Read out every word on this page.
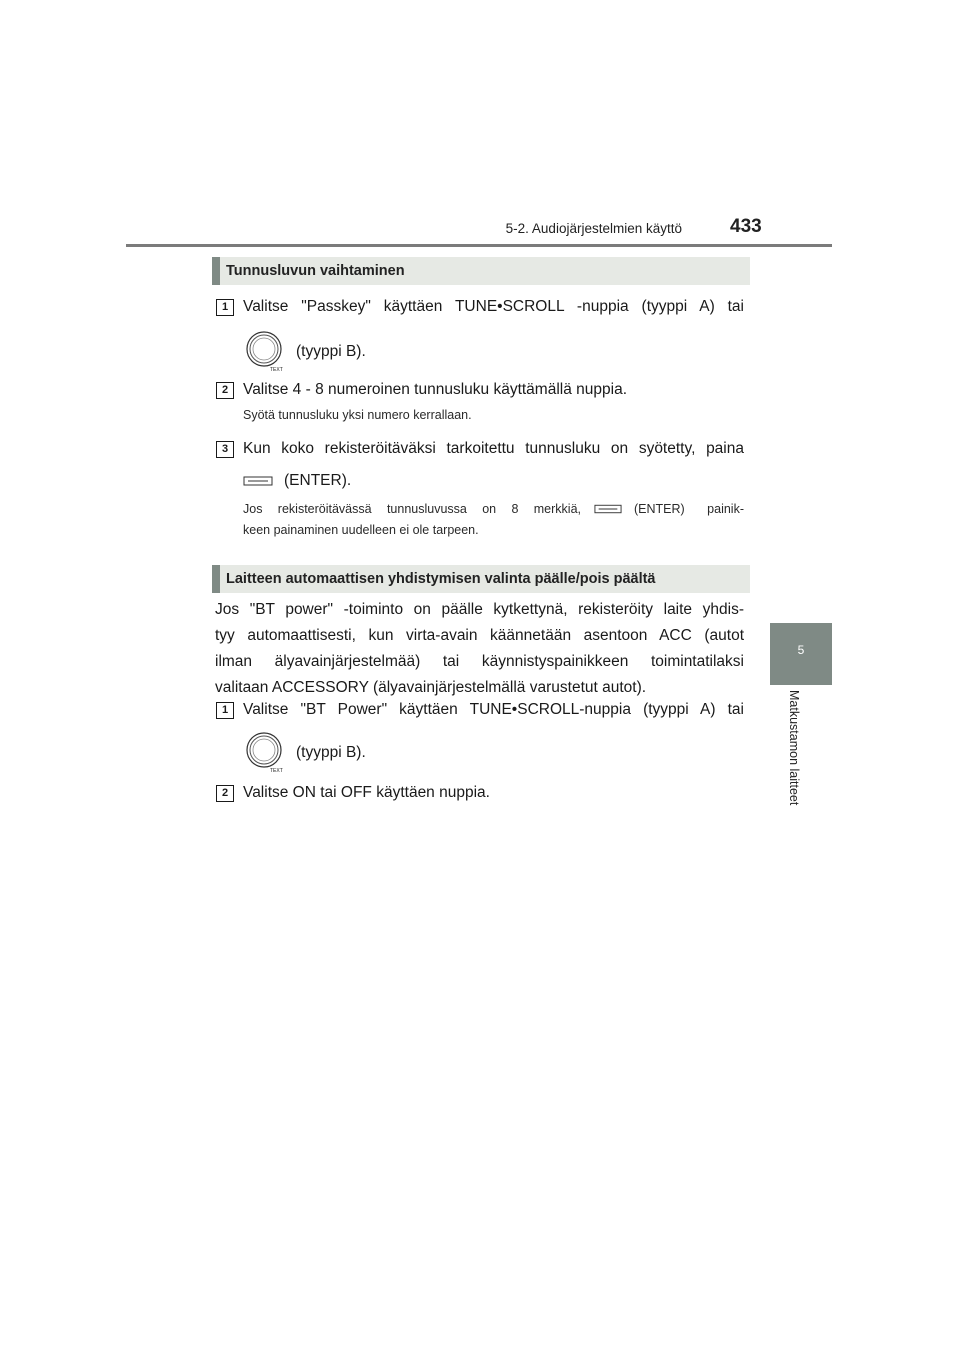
5-2. Audiojärjestelmien käyttö	433
5
Matkustamon laitteet
Tunnusluvun vaihtaminen
1 Valitse "Passkey" käyttäen TUNE•SCROLL -nuppia (tyyppi A) tai
TEXT
(tyyppi B).
2 Valitse 4 - 8 numeroinen tunnusluku käyttämällä nuppia.
Syötä tunnusluku yksi numero kerrallaan.
3 Kun koko rekisteröitäväksi tarkoitettu tunnusluku on syötetty, paina
(ENTER).
Jos rekisteröitävässä tunnusluvussa on 8 merkkiä,	(ENTER) painik-
keen painaminen uudelleen ei ole tarpeen.
Laitteen automaattisen yhdistymisen valinta päälle/pois päältä
Jos "BT power" -toiminto on päälle kytkettynä, rekisteröity laite yhdis-
tyy automaattisesti, kun virta-avain käännetään asentoon ACC (autot
ilman älyavainjärjestelmää) tai käynnistyspainikkeen toimintatilaksi
valitaan ACCESSORY (älyavainjärjestelmällä varustetut autot).
1 Valitse "BT Power" käyttäen TUNE•SCROLL-nuppia (tyyppi A) tai
TEXT
(tyyppi B).
2 Valitse ON tai OFF käyttäen nuppia.
